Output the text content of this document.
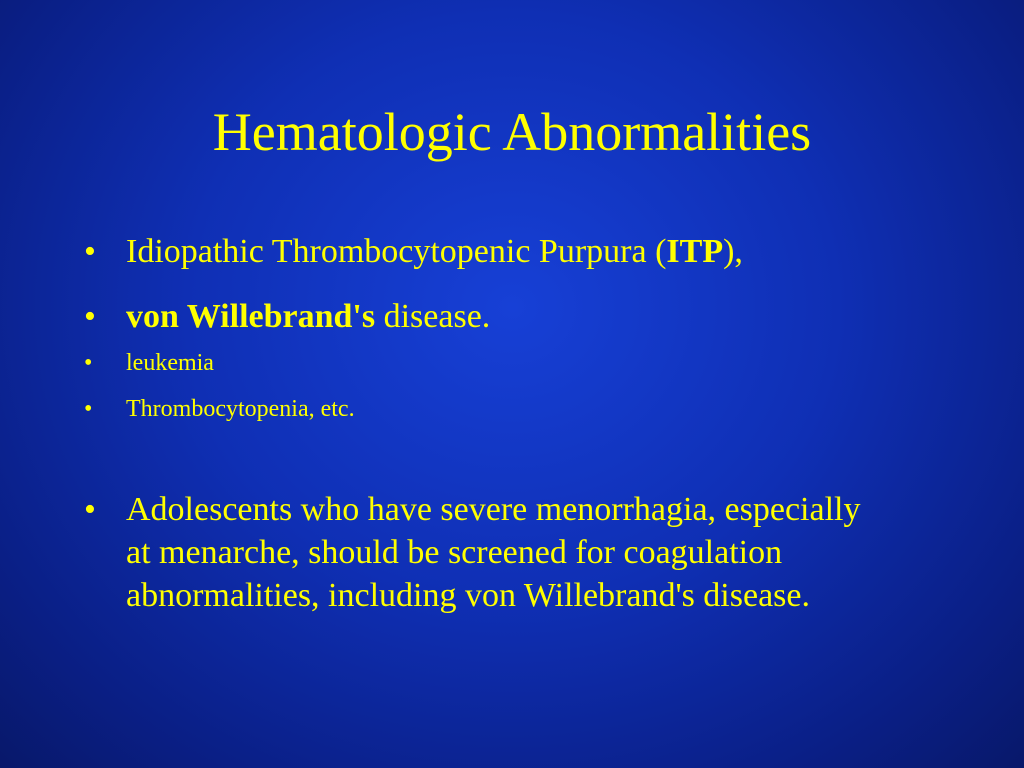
Hematologic Abnormalities
• Idiopathic Thrombocytopenic Purpura (ITP),
• von Willebrand's disease.
•	leukemia
•	Thrombocytopenia, etc.
• Adolescents who have severe menorrhagia, especially at menarche, should be screened for coagulation abnormalities, including von Willebrand's disease.
